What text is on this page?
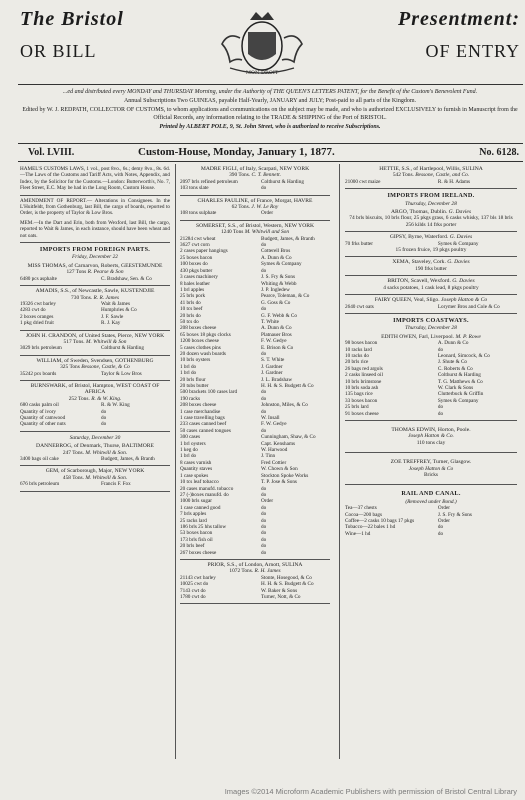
The Bristol
OR BILL
MON DROIT
Presentment:
OF ENTRY

...ed and distributed every MONDAY and THURSDAY Morning, under the Authority of THE QUEEN'S LETTERS PATENT, for the Benefit of the Custom's Benevolent Fund.

Annual Subscriptions Two GUINEAS, payable Half-Yearly, JANUARY and JULY; Post-paid to all parts of the Kingdom.

Edited by W. J. REDPATH, COLLECTOR OF CUSTOMS, to whom applications and communications on the subject may be made, and who is authorized EXCLUSIVELY to furnish in Manuscript from the Official Records, any information relating to the TRADE & SHIPPING of the Port of BRISTOL.

Printed by ALBERT POLE, 9, St. John Street, who is authorized to receive Subscriptions.

Vol. LVIII.	Custom-House, Monday, January 1, 1877.	No. 6128.
HAMEL'S CUSTOMS LAWS, 1 vol., post 8vo., 6s.; demy 8vo., 8s. 6d.—The Laws of the Customs and Tariff Acts, with Notes, Appendix, and Index, by the Solicitor for the Customs.—London: Butterworth's, No. 7, Fleet Street, E.C. May be had in the Long Room, Custom House.
AMENDMENT OF REPORT.— Alterations in Consignees. In the L'Huitfeldt, from Gothenburg, last Bill, the cargo of boards, reported to Order, is the property of Taylor & Low Bros.
MEM.—In the Dart and Erin, both from Wexford, last Bill, the cargo, reported to Wait & James, in each instance, should have been wheat and not oats.
IMPORTS FROM FOREIGN PARTS.
Friday, December 22
MISS THOMAS, of Carnarvon, Roberts, GEESTEMUNDE
127 Tons R. Pearse & Son
6480 pcs asphalte	C. Bradshaw, Sen. & Co
AMADIS, S.S., of Newcastle, Sawle, KUSTENDJIE
730 Tons. R. R. James
19326 cwt barley	Wait & James
4283 cwt do	Humphries & Co
2 boxes oranges	J. F. Sawle
1 pkg dried fruit	R. J. Kay
JOHN H. CRANDON, of United States, Pierce, NEW YORK
517 Tons. M. Whitwill & Son
3029 brls petroleum	Colthurst & Harding
WILLIAM, of Sweden, Svendsen, GOTHENBURG
325 Tons Bessone, Castle, & Co
35242 pcs boards	Taylor & Low Bros
BURNSWARK, of Bristol, Hampton, WEST COAST OF AFRICA
252 Tons. R. & W. King.
680 casks palm oil	R. & W. King
Quantity of ivory	do
Quantity of camwood	do
Quantity of other nuts	do
Saturday, December 30
DANNEBROG, of Denmark, Thurse, BALTIMORE
247 Tons. M. Whitwill & Son.
3400 bags oil cake	Budgett, James, & Branth
GEM, of Scarborough, Major, NEW YORK
458 Tons. M. Whitwill & Son.
676 brls petroleum	Francis F. Fox
MADRE FIGLI, of Italy, Scarpati, NEW YORK
390 Tons. C. T. Bennett.
2097 brls refined petroleum	Colthurst & Harding
103 tons slate	do
CHARLES PAULINE, of France, Morgat, HAVRE
62 Tons. J. W. Le Roy
108 tons sulphate	Order
SOMERSET, S.S., of Bristol, Western, NEW YORK
1240 Tons M. Whitwill and Son
21284 cwt wheat	Budgett, James, & Branth
3627 cwt corn	do
2 cases paper hangings	Cotterell Bros
25 boxes bacon	A. Dunn & Co
100 boxes do	Symes & Company
430 pkgs butter	do
3 cases machinery	J. S. Fry & Sons
8 bales leather	Whiting & Webb
1 brl apples	J. P. Ingledew
25 brls pork	Pearce, Toleman, & Co
41 brls do	G. Goss & Co
10 tcs beef	do
20 brls do	G. F. Webb & Co
50 tcs do	T. White
208 boxes cheese	A. Dunn & Co
65 boxes 18 pkgs clocks	Platnauer Bros
1200 boxes cheese	F. W. Gedye
5 cases clothes pins	E. Brison & Co
20 dozen wash boards	do
10 brls oysters	S. T. White
1 brl do	J. Gardner
1 brl do	J. Gardner
20 brls flour	J. L. Bradshaw
20 tubs butter	H. H. & S. Budgett & Co
500 brackets 100 cases lard	do
190 racks	do
208 boxes cheese	Johnston, Miles, & Co
1 case merchandise	do
1 case travelling bags	W. Insall
233 cases canned beef	F. W. Gedye
50 cases canned tongues	do
300 cases	Cunningham, Shaw, & Co
1 brl oysters	Capt. Kenshams
1 keg do	W. Harwood
1 brl do	J. Tinn
8 cases varnish	Fred Cottier
Quantity staves	W. Chown & Son
1 case spokes	Stockton Spoke Works
10 tcs leaf tobacco	T. P. Jose & Sons
20 cases manufd. tobacco	do
27 (-)boxes manufd. do	do
1000 brls sugar	Order
1 case canned good	do
7 brls apples	do
25 racks lard	do
186 brls 25 hhs tallow	do
53 boxes bacon	do
173 brls fish oil	do
20 brls beef	do
267 boxes cheese	do
PRIOR, S.S., of London, Arnott, SULINA
1072 Tons. R. H. James
21143 cwt barley	Stonte, Hosegood, & Co
10025 cwt do	H. H. & S. Budgett & Co
7143 cwt do	W. Baker & Sons
1780 cwt do	Turner, Nott, & Co
HETTIE, S.S., of Hartlepool, Willis, SULINA
542 Tons. Bessone, Castle, and Co.
21000 cwt maize	R. & H. Adams
IMPORTS FROM IRELAND.
Thursday, December 28
ARGO, Thomas, Dublin. G. Davies
74 brls biscuits, 10 brls flour, 25 pkgs grass, 6 casks whisky, 137 bls 18 brls 256 kilds 14 frks porter
GIPSY, Byrne, Waterford. G. Davies
70 frks butter	Symes & Company
15 frozen fruice, 19 pkgs poultry
XEMA, Staveley, Cork. G. Davies
190 frks butter
BRITON, Scavell, Wexford. G. Davies
4 sacks potatoes, 1 cask lead, 8 pkgs poultry
FAIRY QUEEN, Veal, Sligo. Joseph Hatton & Co
2640 cwt oats	Lorymer Bros and Cole & Co
IMPORTS COASTWAYS.
Thursday, December 28
EDITH OWEN, Farl, Liverpool. M. P. Rowe
98 boxes bacon	A. Dunn & Co
10 racks lard	do
10 racks do	Leonard, Simcock, & Co
20 brls rice	J. Shute & Co
26 bags red argols	C. Roberts & Co
2 casks linseed oil	Colthurst & Harding
10 brls brimstone	T. G. Matthews & Co
10 brls soda ash	W. Clark & Sons
135 bags rice	Clutterbuck & Griffin
33 boxes bacon	Symes & Company
25 brls lard	do
91 boxes cheese	do
THOMAS EDWIN, Horton, Poole.
Joseph Hatton & Co.
110 tons clay
ZOE TREFFREY, Turner, Glasgow.
Joseph Hatton & Co
Bricks
RAIL AND CANAL.
(Removed under Bond.)
Tea—37 chests	Order
Cocoa—200 bags	J. S. Fry & Sons
Coffee—2 casks 10 bags 17 pkgs	Order
Tobacco—22 bales 1 hd	do
Wine—1 hd	do
Images ©2014 Microform Academic Publishers with permission of Bristol Central Library
